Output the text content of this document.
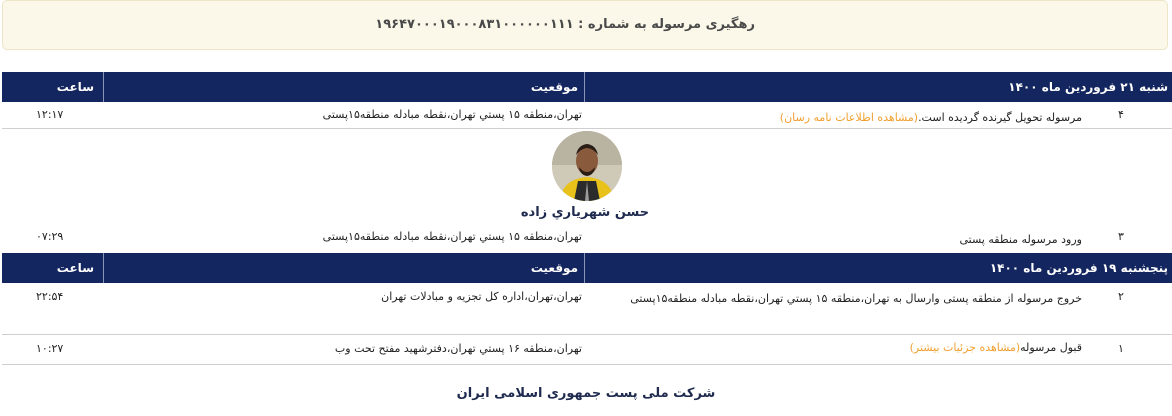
رهگیری مرسوله به شماره : ۱۹۶۴۷۰۰۰۱۹۰۰۰۸۳۱۰۰۰۰۰۰۱۱۱
شنبه ۲۱ فروردین ماه ۱۴۰۰
موقعیت
ساعت
۴
مرسوله تحویل گیرنده گردیده است.(مشاهده اطلاعات نامه رسان)
تهران،منطقه ۱۵ پستي تهران،نقطه مبادله منطقه۱۵پستی
۱۲:۱۷
حسن شهرياري زاده
۳
ورود مرسوله منطقه پستی
تهران،منطقه ۱۵ پستي تهران،نقطه مبادله منطقه۱۵پستی
۰۷:۲۹
پنجشنبه ۱۹ فروردین ماه ۱۴۰۰
موقعیت
ساعت
۲
خروج مرسوله از منطقه پستی وارسال به تهران،منطقه ۱۵ پستي تهران،نقطه مبادله منطقه۱۵پستی
تهران،تهران،اداره کل تجزیه و مبادلات تهران
۲۲:۵۴
۱
قبول مرسوله(مشاهده جزئیات بیشتر)
تهران،منطقه ۱۶ پستي تهران،دفترشهید مفتح تحت وب
۱۰:۲۷
شرکت ملی پست جمهوری اسلامی ایران
